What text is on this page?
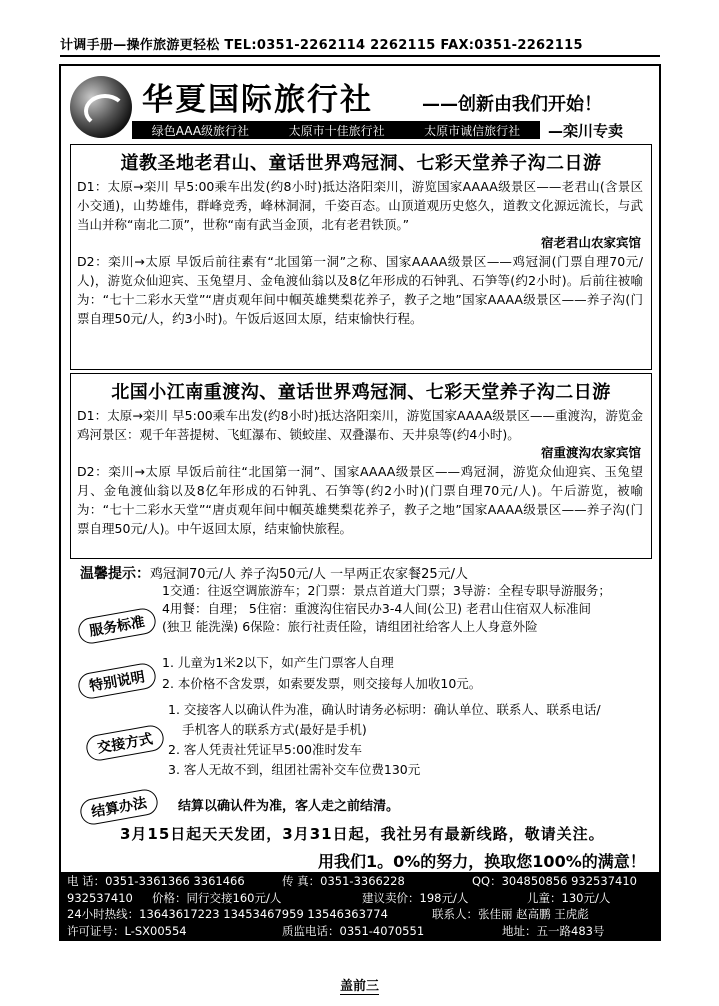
计调手册—操作旅游更轻松 TEL:0351-2262114 2262115 FAX:0351-2262115
华夏国际旅行社	——创新由我们开始！
绿色AAA级旅行社	太原市十佳旅行社	太原市诚信旅行社 —栾川专卖
道教圣地老君山、童话世界鸡冠洞、七彩天堂养子沟二日游
D1：太原→栾川 早5:00乘车出发(约8小时)抵达洛阳栾川，游览国家AAAA级景区——老君山(含景区小交通)，山势雄伟，群峰竞秀，峰林洞洞，千姿百态。山顶道观历史悠久，道教文化源远流长，与武当山并称“南北二顶”，世称“南有武当金顶，北有老君铁顶。”
宿老君山农家宾馆
D2：栾川→太原 早饭后前往素有“北国第一洞”之称、国家AAAA级景区——鸡冠洞(门票自理70元/人)，游览众仙迎宾、玉兔望月、金龟渡仙翁以及8亿年形成的石钟乳、石笋等(约2小时)。后前往被喻为：“七十二彩水天堂”“唐贞观年间中帼英雄樊梨花养子，教子之地”国家AAAA级景区——养子沟(门票自理50元/人，约3小时)。午饭后返回太原，结束愉快行程。
北国小江南重渡沟、童话世界鸡冠洞、七彩天堂养子沟二日游
D1：太原→栾川 早5:00乘车出发(约8小时)抵达洛阳栾川，游览国家AAAA级景区——重渡沟，游览金鸡河景区：观千年菩提树、飞虹瀑布、锁蛟崖、双叠瀑布、天井泉等(约4小时)。
宿重渡沟农家宾馆
D2：栾川→太原 早饭后前往“北国第一洞”、国家AAAA级景区——鸡冠洞，游览众仙迎宾、玉兔望月、金龟渡仙翁以及8亿年形成的石钟乳、石笋等(约2小时)(门票自理70元/人)。午后游览，被喻为：“七十二彩水天堂”“唐贞观年间中帼英雄樊梨花养子，教子之地”国家AAAA级景区——养子沟(门票自理50元/人)。中午返回太原，结束愉快旅程。
温馨提示：鸡冠洞70元/人 养子沟50元/人 一早两正农家餐25元/人
1交通：往返空调旅游车；2门票：景点首道大门票；3导游：全程专职导游服务；
4用餐：自理； 5住宿：重渡沟住宿民办3-4人间(公卫) 老君山住宿双人标准间
(独卫 能洗澡) 6保险：旅行社责任险，请组团社给客人上人身意外险
服务标准
1. 儿童为1米2以下，如产生门票客人自理
2. 本价格不含发票，如索要发票，则交接每人加收10元。
特别说明
1. 交接客人以确认件为准，确认时请务必标明：确认单位、联系人、联系电话/
手机客人的联系方式(最好是手机)
2. 客人凭责社凭证早5:00准时发车
3. 客人无故不到，组团社需补交车位费130元
交接方式
结算办法	结算以确认件为准，客人走之前结清。
3月15日起天天发团，3月31日起，我社另有最新线路，敬请关注。
用我们1。0%的努力，换取您100%的满意！
电 话：0351-3361366 3361466	传 真：0351-3366228	QQ：304850856 932537410
932537410	价格：同行交接160元/人	建议卖价：198元/人	儿童：130元/人
24小时热线：13643617223 13453467959 13546363774	联系人：张佳丽 赵高鹏 王虎彪
许可证号：L-SX00554	质监电话：0351-4070551	地址：五一路483号
盖前三
